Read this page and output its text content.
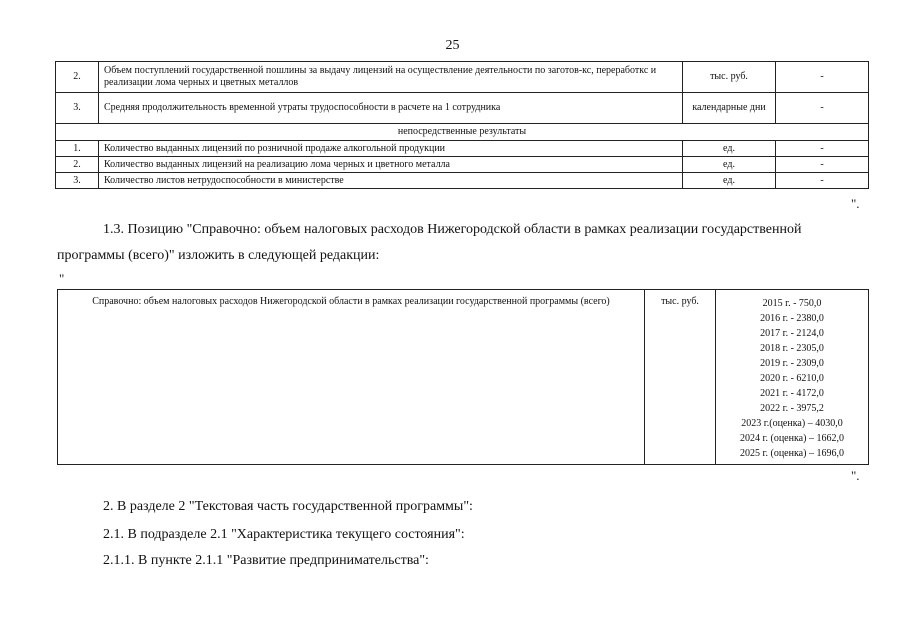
25
2.	Объем поступлений государственной пошлины за выдачу лицензий на осуществление деятельности по заготов-кс, переработкс и реализации лома черных и цветных металлов	тыс. руб.	-
3.	Средняя продолжительность временной утраты трудоспособности в расчете на 1 сотрудника	календарные дни	-
непосредственные результаты			
1.	Количество выданных лицензий по розничной продаже алкогольной продукции	ед.	-
2.	Количество выданных лицензий на реализацию лома черных и цветного металла	ед.	-
3.	Количество листов нетрудоспособности в министерстве	ед.	-
".
1.3. Позицию "Справочно: объем налоговых расходов Нижегородской области в рамках реализации государственной
программы (всего)" изложить в следующей редакции:
"
Справочно: объем налоговых расходов Нижегородской области в рамках реализации государственной программы (всего)	тыс. руб.	2015 г. - 750,0
2016 г. - 2380,0
2017 г. - 2124,0
2018 г. - 2305,0
2019 г. - 2309,0
2020 г. - 6210,0
2021 г. - 4172,0
2022 г. - 3975,2
2023 г.(оценка) – 4030,0
2024 г. (оценка) – 1662,0
2025 г. (оценка) – 1696,0
".
2. В разделе 2 "Текстовая часть государственной программы":
2.1. В подразделе 2.1 "Характеристика текущего состояния":
2.1.1. В пункте 2.1.1 "Развитие предпринимательства":
